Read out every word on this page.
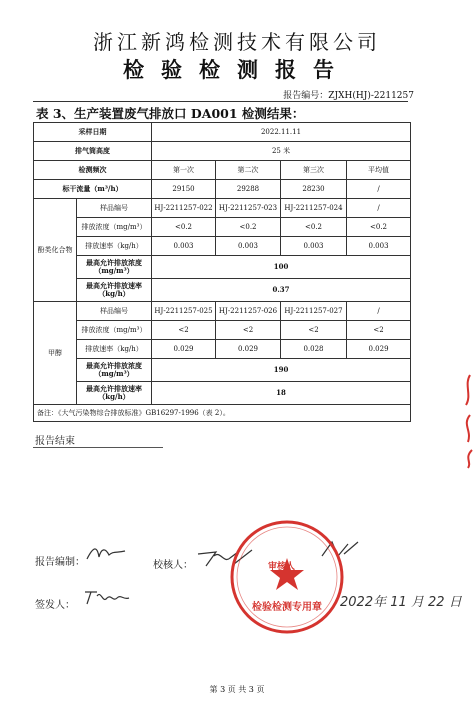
浙江新鸿检测技术有限公司
检验检测报告
报告编号：ZJXH(HJ)-2211257
表 3、生产装置废气排放口 DA001 检测结果：
采样日期		2022.11.11			
排气筒高度		25 米			
检测频次		第一次	第二次	第三次	平均值
标干流量（m³/h）		29150	29288	28230	/
酚类化合物	样品编号	HJ-2211257-022	HJ-2211257-023	HJ-2211257-024	/
	排放浓度（mg/m³）	<0.2	<0.2	<0.2	<0.2
	排放速率（kg/h）	0.003	0.003	0.003	0.003
	最高允许排放浓度（mg/m³）	100			
	最高允许排放速率（kg/h）	0.37			
甲醇	样品编号	HJ-2211257-025	HJ-2211257-026	HJ-2211257-027	/
	排放浓度（mg/m³）	<2	<2	<2	<2
	排放速率（kg/h）	0.029	0.029	0.028	0.029
	最高允许排放浓度（mg/m³）	190			
	最高允许排放速率（kg/h）	18			
备注：《大气污染物综合排放标准》GB16297-1996（表 2）。					
报告结束
报告编制：	校核人：
签发人：	2022年 11 月 22 日
检验检测专用章
审核人
第 3 页 共 3 页
